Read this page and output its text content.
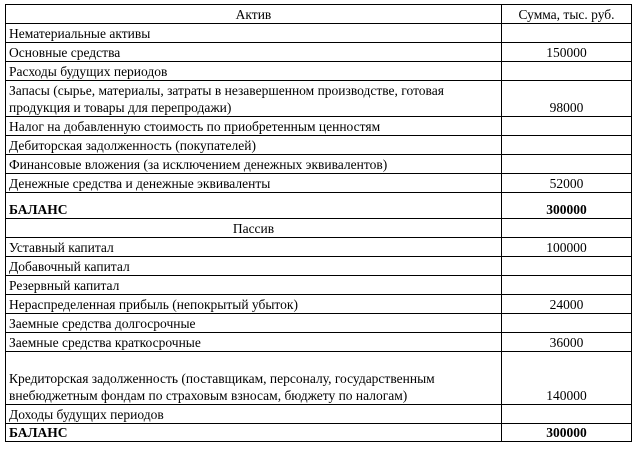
Актив	Сумма, тыс. руб.
Нематериальные активы	
Основные средства	150000
Расходы будущих периодов	
Запасы (сырье, материалы, затраты в незавершенном производстве, готовая продукция и товары для перепродажи)	98000
Налог на добавленную стоимость по приобретенным ценностям	
Дебиторская задолженность (покупателей)	
Финансовые вложения (за исключением денежных эквивалентов)	
Денежные средства и денежные эквиваленты	52000
БАЛАНС	300000
Пассив	
Уставный капитал	100000
Добавочный капитал	
Резервный капитал	
Нераспределенная прибыль (непокрытый убыток)	24000
Заемные средства долгосрочные	
Заемные средства краткосрочные	36000
Кредиторская задолженность (поставщикам, персоналу, государственным внебюджетным фондам по страховым взносам, бюджету по налогам)	140000
Доходы будущих периодов	
БАЛАНС	300000
